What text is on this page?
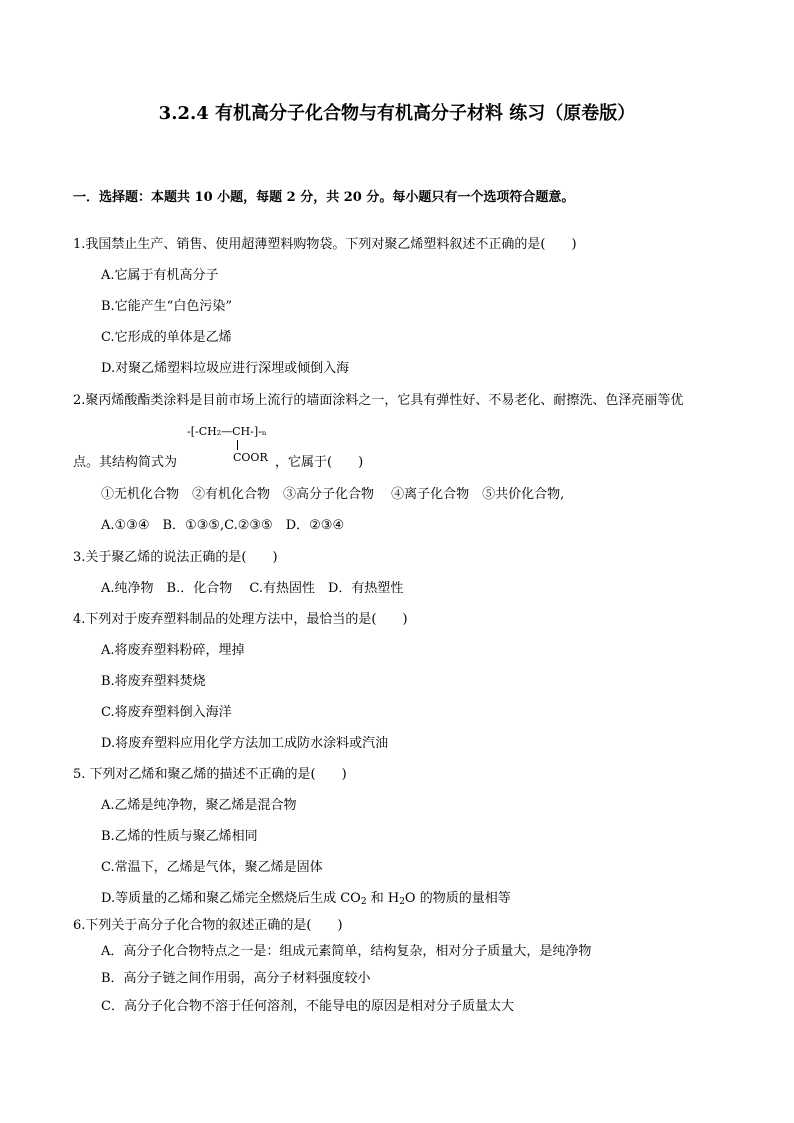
3.2.4 有机高分子化合物与有机高分子材料 练习（原卷版）
一．选择题：本题共 10 小题，每题 2 分，共 20 分。每小题只有一个选项符合题意。
1.我国禁止生产、销售、使用超薄塑料购物袋。下列对聚乙烯塑料叙述不正确的是(　　)
A.它属于有机高分子
B.它能产生“白色污染”
C.它形成的单体是乙烯
D.对聚乙烯塑料垃圾应进行深埋或倾倒入海
2.聚丙烯酸酯类涂料是目前市场上流行的墙面涂料之一，它具有弹性好、不易老化、耐擦洗、色泽亮丽等优
点。其结构简式为
-[-CH₂—CH-]-ₙ
COOR ，它属于(　　)
①无机化合物　②有机化合物　③高分子化合物　 ④离子化合物　⑤共价化合物,
A.①③④　B．①③⑤,C.②③⑤　D．②③④
3.关于聚乙烯的说法正确的是(　　)
A.纯净物　B.．化合物　 C.有热固性　D．有热塑性
4.下列对于废弃塑料制品的处理方法中，最恰当的是(　　)
A.将废弃塑料粉碎，埋掉
B.将废弃塑料焚烧
C.将废弃塑料倒入海洋
D.将废弃塑料应用化学方法加工成防水涂料或汽油
5. 下列对乙烯和聚乙烯的描述不正确的是(　　)
A.乙烯是纯净物，聚乙烯是混合物
B.乙烯的性质与聚乙烯相同
C.常温下，乙烯是气体，聚乙烯是固体
D.等质量的乙烯和聚乙烯完全燃烧后生成 $CO_2$ 和 $H_2O$ 的物质的量相等
6.下列关于高分子化合物的叙述正确的是(　　)
A．高分子化合物特点之一是：组成元素简单，结构复杂，相对分子质量大，是纯净物
B．高分子链之间作用弱，高分子材料强度较小
C．高分子化合物不溶于任何溶剂，不能导电的原因是相对分子质量太大
